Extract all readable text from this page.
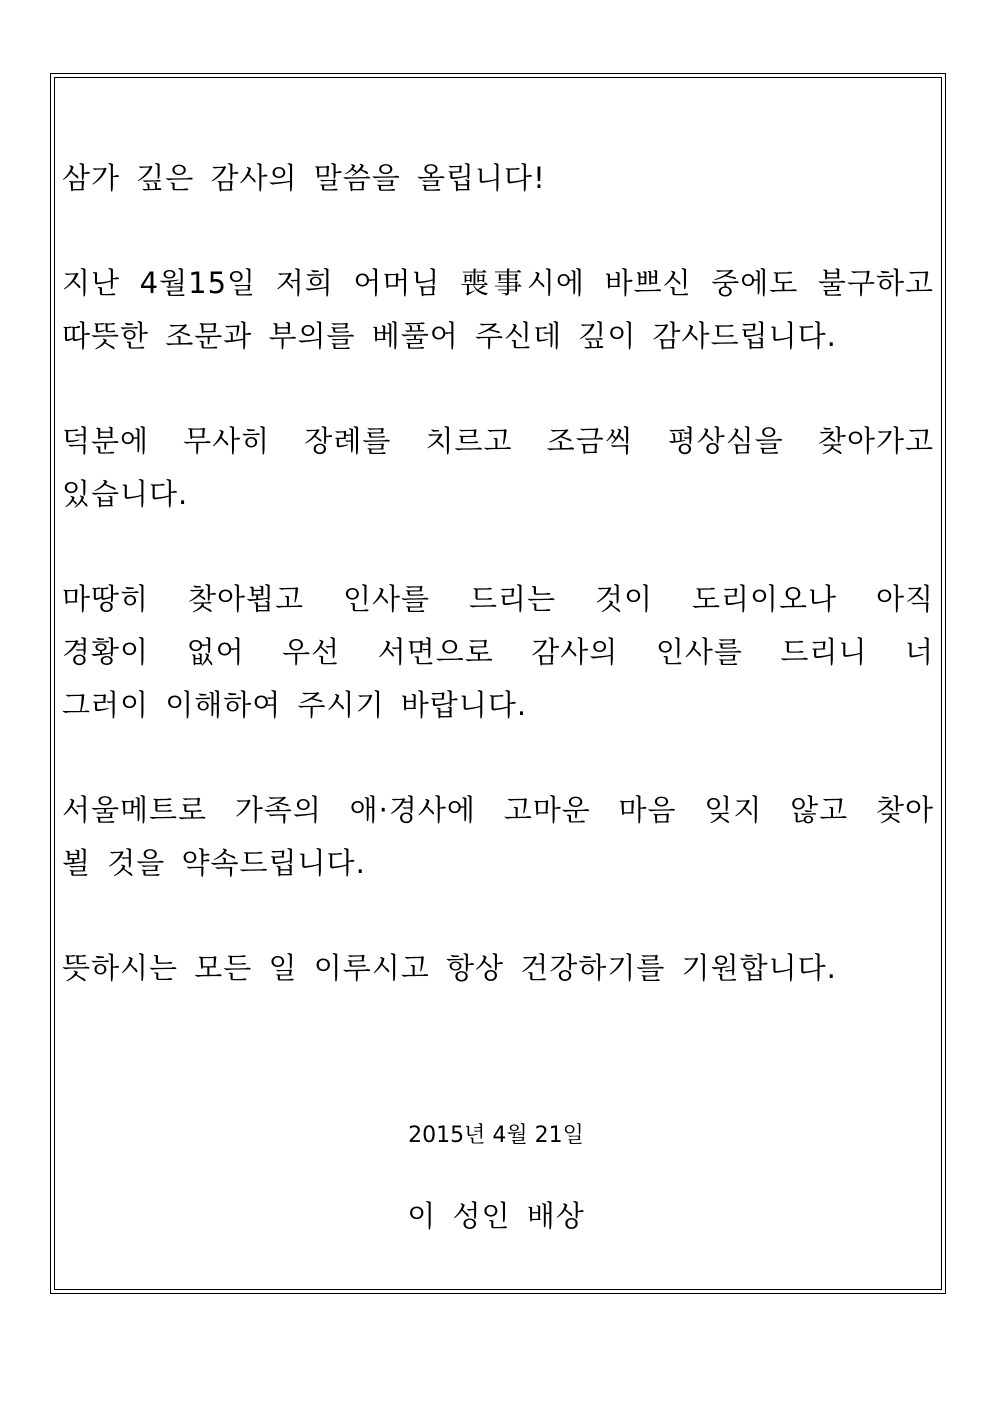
삼가 깊은 감사의 말씀을 올립니다!

지난 4월15일 저희 어머님 喪事시에 바쁘신 중에도 불구하고
따뜻한 조문과 부의를 베풀어 주신데 깊이 감사드립니다.

덕분에 무사히 장례를 치르고 조금씩 평상심을 찾아가고
있습니다.

마땅히 찾아뵙고 인사를 드리는 것이 도리이오나 아직
경황이 없어 우선 서면으로 감사의 인사를 드리니 너
그러이 이해하여 주시기 바랍니다.

서울메트로 가족의 애·경사에 고마운 마음 잊지 않고 찾아
뵐 것을 약속드립니다.

뜻하시는 모든 일 이루시고 항상 건강하기를 기원합니다.

2015년 4월 21일
이 성인 배상
